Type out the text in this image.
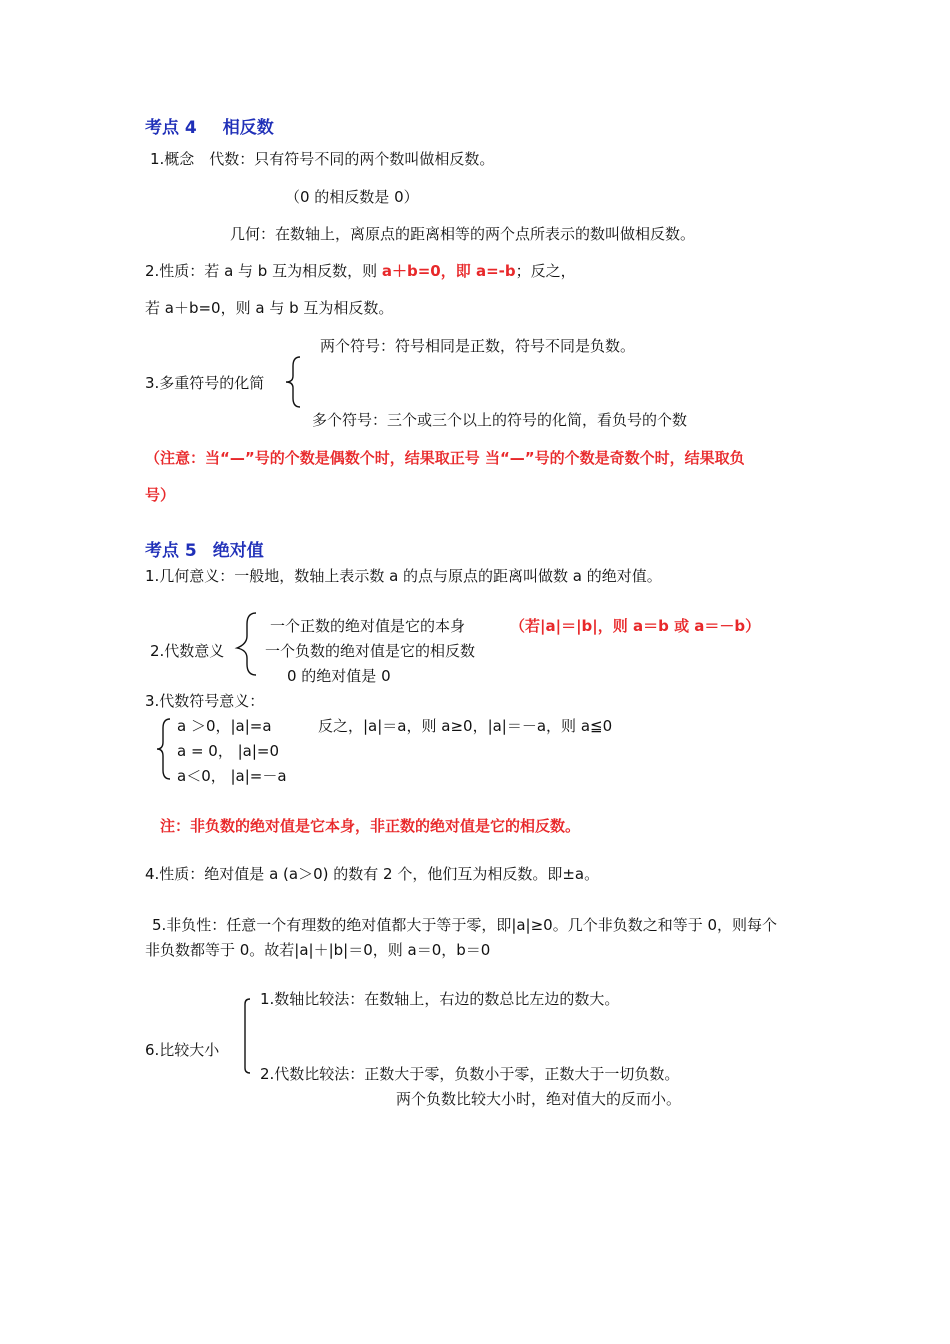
考点 4 相反数
1.概念　代数：只有符号不同的两个数叫做相反数。
（0 的相反数是 0）
几何：在数轴上，离原点的距离相等的两个点所表示的数叫做相反数。
2.性质：若 a 与 b 互为相反数，则 a＋b=0，即 a=-b；反之，
若 a＋b=0，则 a 与 b 互为相反数。
两个符号：符号相同是正数，符号不同是负数。
3.多重符号的化简
多个符号：三个或三个以上的符号的化简，看负号的个数
（注意：当“—”号的个数是偶数个时，结果取正号 当“—”号的个数是奇数个时，结果取负
号）
考点 5 绝对值
1.几何意义：一般地，数轴上表示数 a 的点与原点的距离叫做数 a 的绝对值。
一个正数的绝对值是它的本身	（若|a|＝|b|，则 a＝b 或 a＝－b）
2.代数意义	一个负数的绝对值是它的相反数
0 的绝对值是 0
3.代数符号意义：
a ＞0，|a|=a	反之，|a|＝a，则 a≥0，|a|＝－a，则 a≦0
a = 0， |a|=0
a＜0， |a|=－a
注：非负数的绝对值是它本身，非正数的绝对值是它的相反数。
4.性质：绝对值是 a (a＞0) 的数有 2 个，他们互为相反数。即±a。
5.非负性：任意一个有理数的绝对值都大于等于零，即|a|≥0。几个非负数之和等于 0，则每个
非负数都等于 0。故若|a|＋|b|＝0，则 a＝0，b＝0
1.数轴比较法：在数轴上，右边的数总比左边的数大。
6.比较大小
2.代数比较法：正数大于零，负数小于零，正数大于一切负数。
两个负数比较大小时，绝对值大的反而小。
